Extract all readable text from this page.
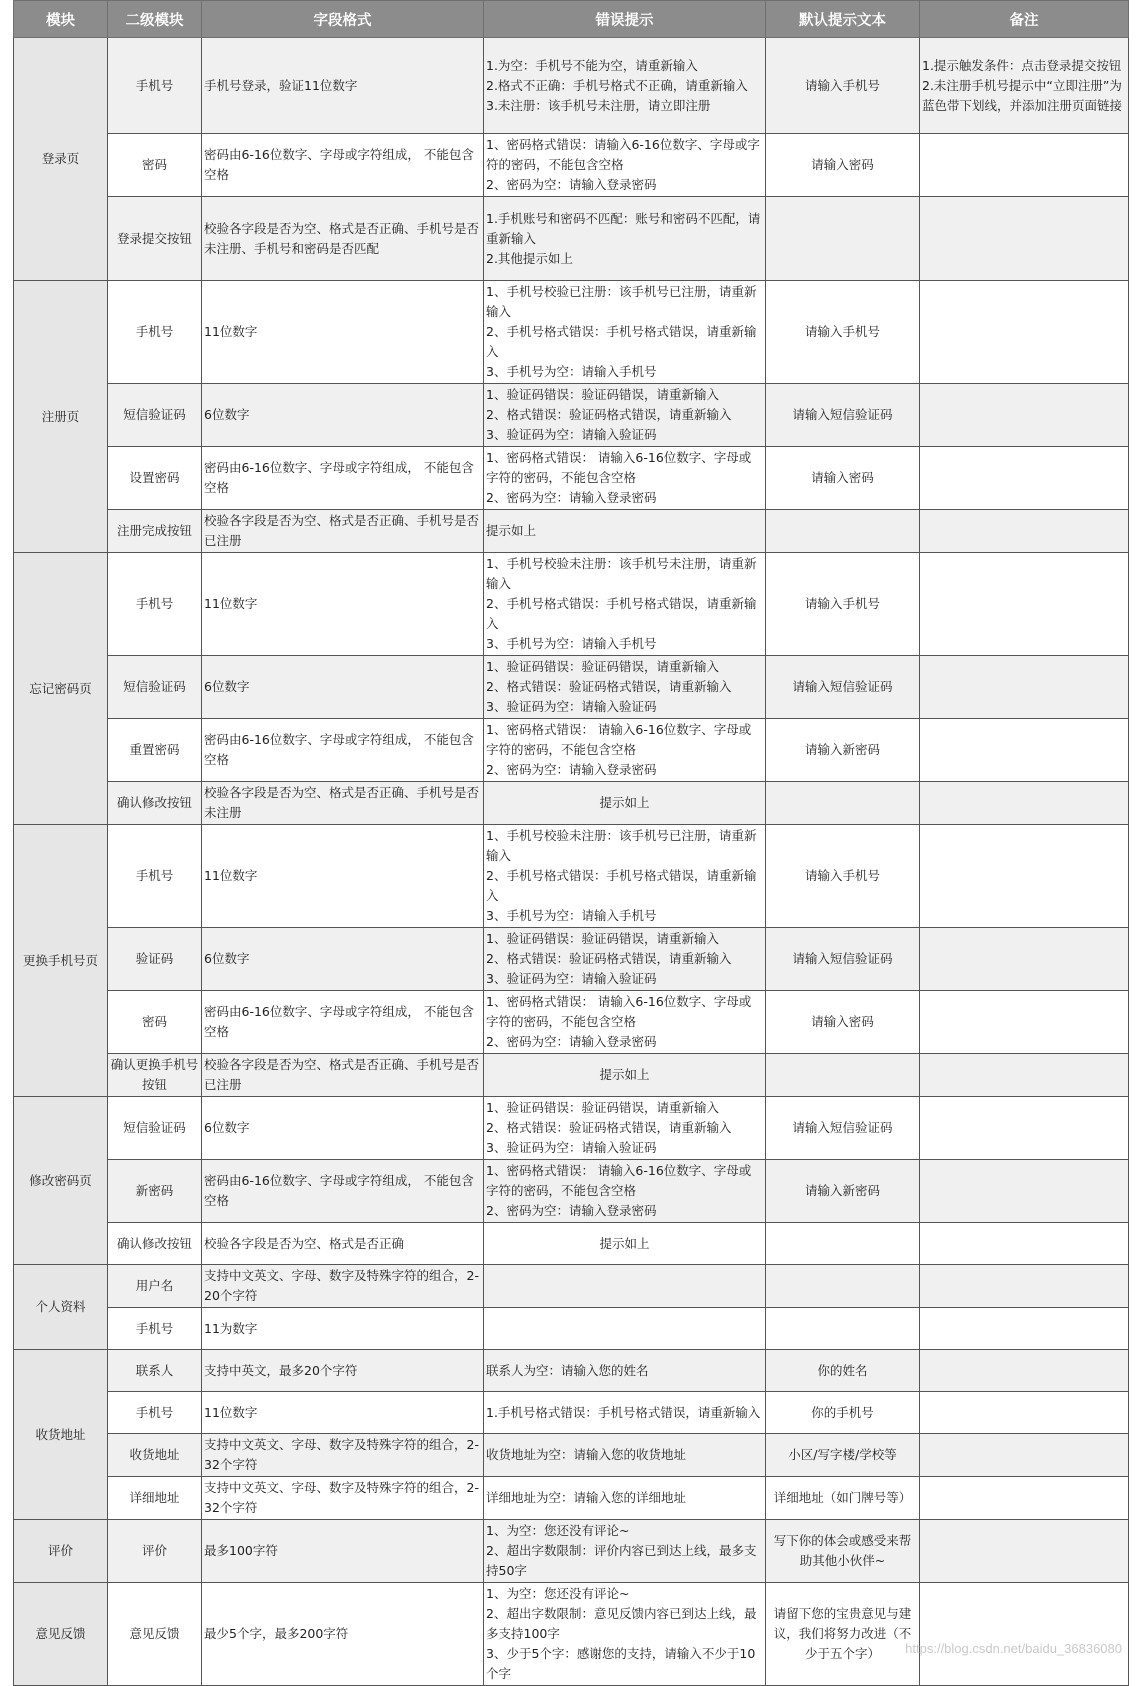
模块	二级模块	字段格式	错误提示	默认提示文本	备注
登录页	手机号	手机号登录，验证11位数字	1.为空：手机号不能为空，请重新输入
2.格式不正确：手机号格式不正确，请重新输入
3.未注册：该手机号未注册，请立即注册	请输入手机号	1.提示触发条件：点击登录提交按钮
2.未注册手机号提示中“立即注册”为蓝色带下划线，并添加注册页面链接

	密码	密码由6-16位数字、字母或字符组成， 不能包含空格	1、密码格式错误：请输入6-16位数字、字母或字符的密码，不能包含空格
2、密码为空：请输入登录密码	请输入密码	
	登录提交按钮	校验各字段是否为空、格式是否正确、手机号是否未注册、手机号和密码是否匹配	1.手机账号和密码不匹配：账号和密码不匹配，请重新输入
2.其他提示如上		

注册页	手机号	11位数字	1、手机号校验已注册：该手机号已注册，请重新输入
2、手机号格式错误：手机号格式错误，请重新输入
3、手机号为空：请输入手机号	请输入手机号	
	短信验证码	6位数字	1、验证码错误：验证码错误，请重新输入
2、格式错误：验证码格式错误，请重新输入
3、验证码为空：请输入验证码	请输入短信验证码	
	设置密码	密码由6-16位数字、字母或字符组成， 不能包含空格	1、密码格式错误： 请输入6-16位数字、字母或字符的密码，不能包含空格
2、密码为空：请输入登录密码	请输入密码	
	注册完成按钮	校验各字段是否为空、格式是否正确、手机号是否已注册	提示如上		

忘记密码页	手机号	11位数字	1、手机号校验未注册：该手机号未注册，请重新输入
2、手机号格式错误：手机号格式错误，请重新输入
3、手机号为空：请输入手机号	请输入手机号	
	短信验证码	6位数字	1、验证码错误：验证码错误，请重新输入
2、格式错误：验证码格式错误，请重新输入
3、验证码为空：请输入验证码	请输入短信验证码	
	重置密码	密码由6-16位数字、字母或字符组成， 不能包含空格	1、密码格式错误： 请输入6-16位数字、字母或字符的密码，不能包含空格
2、密码为空：请输入登录密码	请输入新密码	
	确认修改按钮	校验各字段是否为空、格式是否正确、手机号是否未注册	提示如上		

更换手机号页	手机号	11位数字	1、手机号校验未注册：该手机号已注册，请重新输入
2、手机号格式错误：手机号格式错误，请重新输入
3、手机号为空：请输入手机号	请输入手机号	
	验证码	6位数字	1、验证码错误：验证码错误，请重新输入
2、格式错误：验证码格式错误，请重新输入
3、验证码为空：请输入验证码	请输入短信验证码	
	密码	密码由6-16位数字、字母或字符组成， 不能包含空格	1、密码格式错误： 请输入6-16位数字、字母或字符的密码，不能包含空格
2、密码为空：请输入登录密码	请输入密码	
	确认更换手机号按钮	校验各字段是否为空、格式是否正确、手机号是否已注册	提示如上		

修改密码页	短信验证码	6位数字	1、验证码错误：验证码错误，请重新输入
2、格式错误：验证码格式错误，请重新输入
3、验证码为空：请输入验证码	请输入短信验证码	
	新密码	密码由6-16位数字、字母或字符组成， 不能包含空格	1、密码格式错误： 请输入6-16位数字、字母或字符的密码，不能包含空格
2、密码为空：请输入登录密码	请输入新密码	
	确认修改按钮	校验各字段是否为空、格式是否正确	提示如上		

个人资料	用户名	支持中文英文、字母、数字及特殊字符的组合，2-20个字符			
	手机号	11为数字			
收货地址	联系人	支持中英文，最多20个字符	联系人为空：请输入您的姓名	你的姓名	
	手机号	11位数字	1.手机号格式错误：手机号格式错误，请重新输入	你的手机号	
	收货地址	支持中文英文、字母、数字及特殊字符的组合，2-32个字符	收货地址为空：请输入您的收货地址	小区/写字楼/学校等	
	详细地址	支持中文英文、字母、数字及特殊字符的组合，2-32个字符	详细地址为空：请输入您的详细地址	详细地址（如门牌号等）	
评价	评价	最多100字符	1、为空：您还没有评论~
2、超出字数限制：评价内容已到达上线，最多支持50字	写下你的体会或感受来帮助其他小伙伴~	
意见反馈	意见反馈	最少5个字，最多200字符	1、为空：您还没有评论~
2、超出字数限制：意见反馈内容已到达上线，最多支持100字
3、少于5个字：感谢您的支持，请输入不少于10个字	请留下您的宝贵意见与建议，我们将努力改进（不少于五个字）	https://blog.csdn.net/baidu_36836080
